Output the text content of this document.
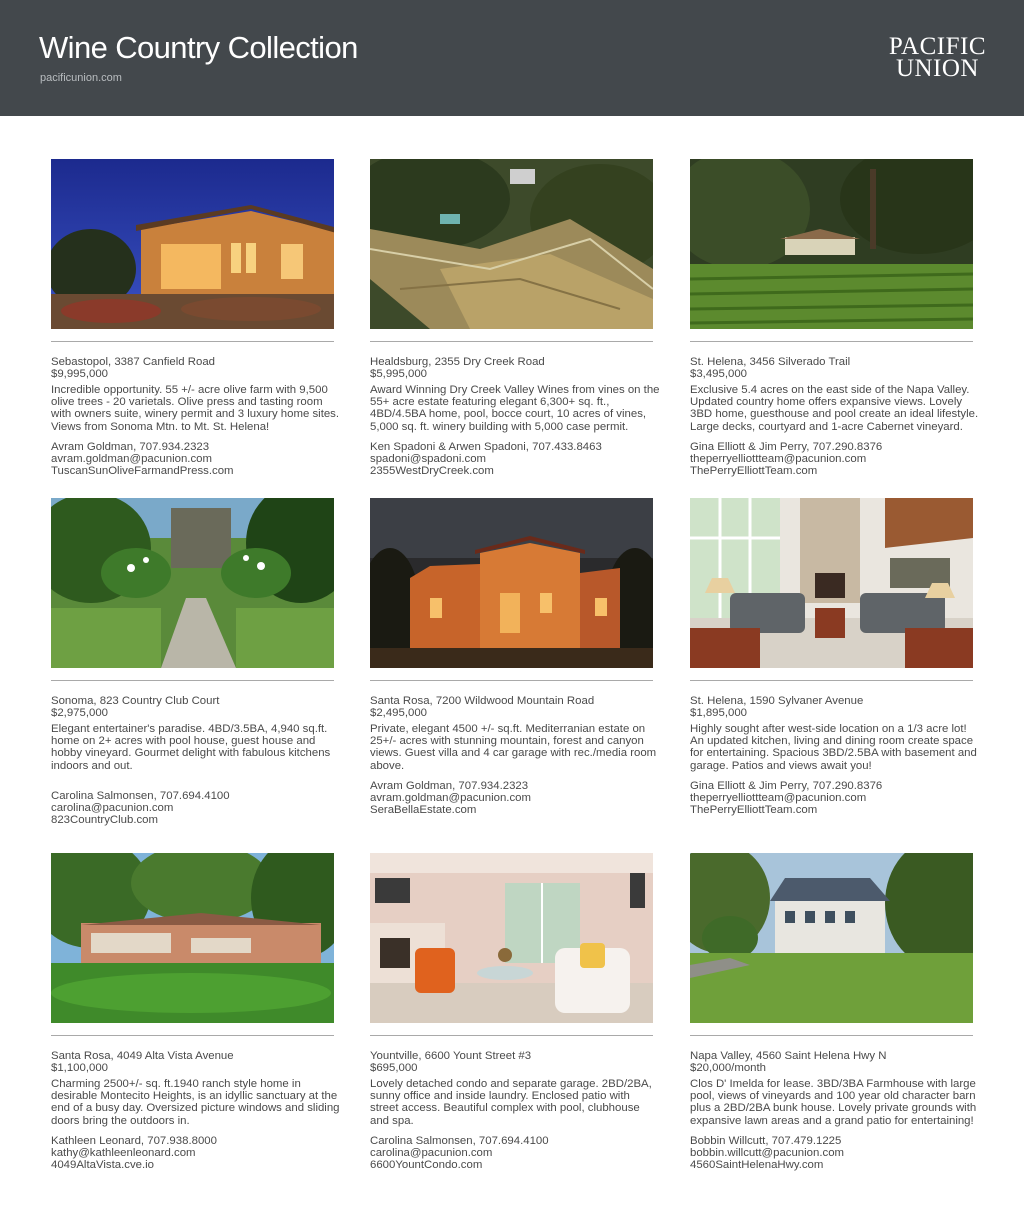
Wine Country Collection
pacificunion.com
PACIFIC
UNION
Sebastopol, 3387 Canfield Road
$9,995,000
Incredible opportunity. 55 +/- acre olive farm with 9,500 olive trees - 20 varietals. Olive press and tasting room with owners suite, winery permit and 3 luxury home sites. Views from Sonoma Mtn. to Mt. St. Helena!
Avram Goldman, 707.934.2323
avram.goldman@pacunion.com
TuscanSunOliveFarmandPress.com
Healdsburg, 2355 Dry Creek Road
$5,995,000
Award Winning Dry Creek Valley Wines from vines on the 55+ acre estate featuring elegant 6,300+ sq. ft., 4BD/4.5BA home, pool, bocce court, 10 acres of vines, 5,000 sq. ft. winery building with 5,000 case permit.
Ken Spadoni & Arwen Spadoni, 707.433.8463
spadoni@spadoni.com
2355WestDryCreek.com
St. Helena, 3456 Silverado Trail
$3,495,000
Exclusive 5.4 acres on the east side of the Napa Valley. Updated country home offers expansive views. Lovely 3BD home, guesthouse and pool create an ideal lifestyle. Large decks, courtyard and 1-acre Cabernet vineyard.
Gina Elliott & Jim Perry, 707.290.8376
theperryelliottteam@pacunion.com
ThePerryElliottTeam.com
Sonoma, 823 Country Club Court
$2,975,000
Elegant entertainer's paradise. 4BD/3.5BA, 4,940 sq.ft. home on 2+ acres with pool house, guest house and hobby vineyard. Gourmet delight with fabulous kitchens indoors and out.
Carolina Salmonsen, 707.694.4100
carolina@pacunion.com
823CountryClub.com
Santa Rosa, 7200 Wildwood Mountain Road
$2,495,000
Private, elegant 4500 +/- sq.ft. Mediterranian estate on 25+/- acres with stunning mountain, forest and canyon views. Guest villa and 4 car garage with rec./media room above.
Avram Goldman, 707.934.2323
avram.goldman@pacunion.com
SeraBellaEstate.com
St. Helena, 1590 Sylvaner Avenue
$1,895,000
Highly sought after west-side location on a 1/3 acre lot! An updated kitchen, living and dining room create space for entertaining. Spacious 3BD/2.5BA with basement and garage. Patios and views await you!
Gina Elliott & Jim Perry, 707.290.8376
theperryelliottteam@pacunion.com
ThePerryElliottTeam.com
Santa Rosa, 4049 Alta Vista Avenue
$1,100,000
Charming 2500+/- sq. ft.1940 ranch style home in desirable Montecito Heights, is an idyllic sanctuary at the end of a busy day. Oversized picture windows and sliding doors bring the outdoors in.
Kathleen Leonard, 707.938.8000
kathy@kathleenleonard.com
4049AltaVista.cve.io
Yountville, 6600 Yount Street #3
$695,000
Lovely detached condo and separate garage. 2BD/2BA, sunny office and inside laundry. Enclosed patio with street access. Beautiful complex with pool, clubhouse and spa.
Carolina Salmonsen, 707.694.4100
carolina@pacunion.com
6600YountCondo.com
Napa Valley, 4560 Saint Helena Hwy N
$20,000/month
Clos D' Imelda for lease. 3BD/3BA Farmhouse with large pool, views of vineyards and 100 year old character barn plus a 2BD/2BA bunk house. Lovely private grounds with expansive lawn areas and a grand patio for entertaining!
Bobbin Willcutt, 707.479.1225
bobbin.willcutt@pacunion.com
4560SaintHelenaHwy.com
